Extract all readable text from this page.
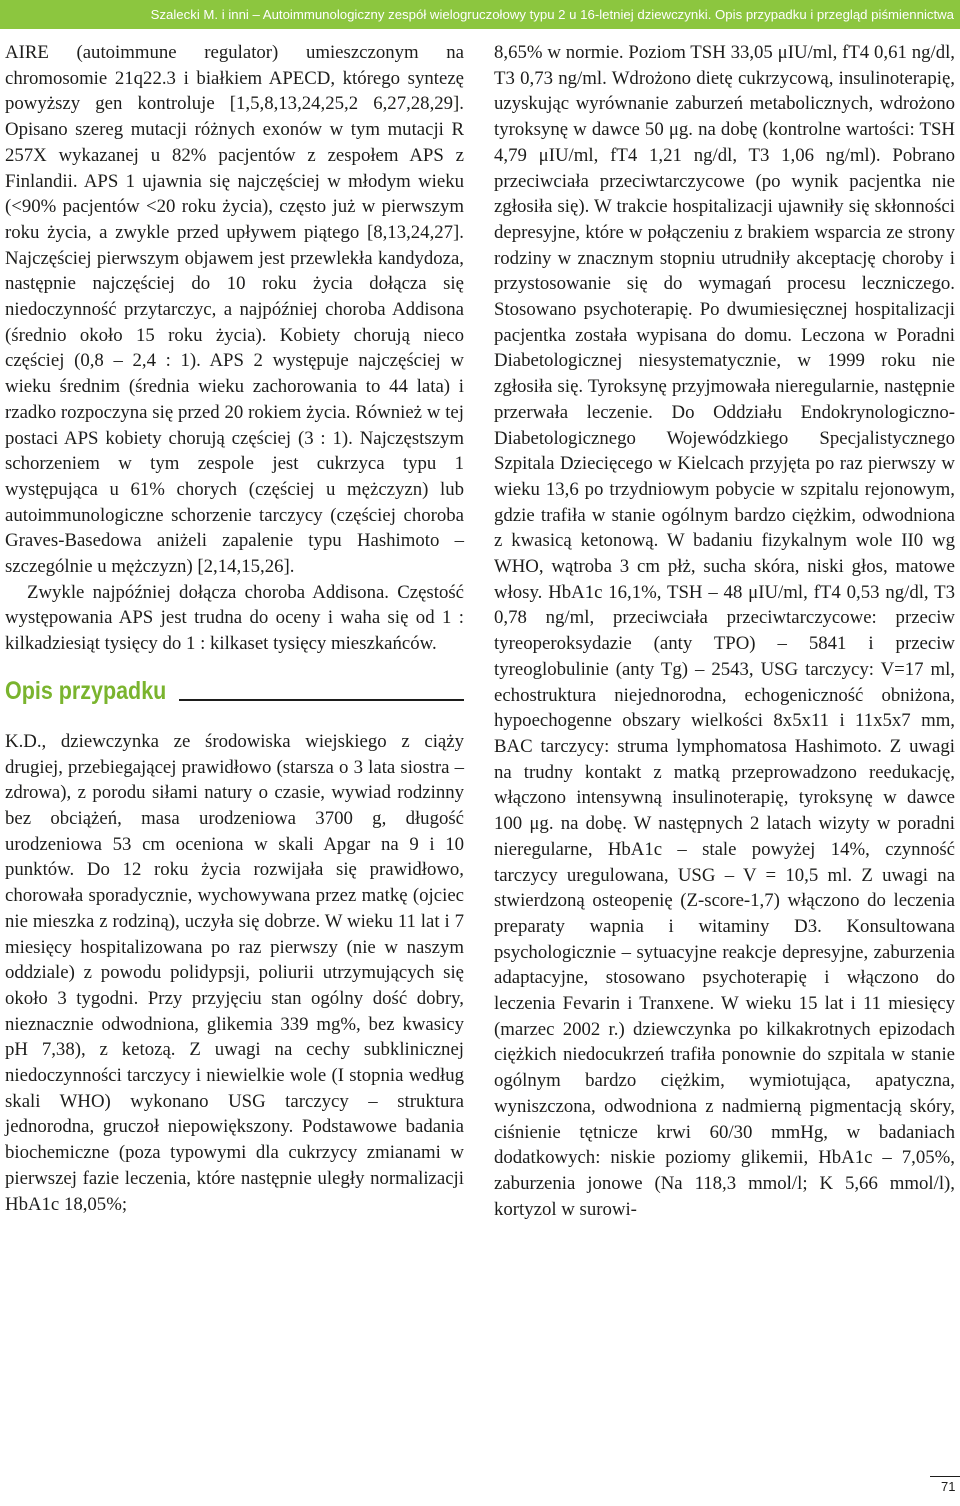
Szalecki M. i inni – Autoimmunologiczny zespół wielogruczołowy typu 2 u 16-letniej dziewczynki. Opis przypadku i przegląd piśmiennictwa

AIRE (autoimmune regulator) umieszczonym na chromosomie 21q22.3 i białkiem APECD, którego syntezę powyższy gen kontroluje [1,5,8,13,24,25,2 6,27,28,29]. Opisano szereg mutacji różnych exonów w tym mutacji R 257X wykazanej u 82% pacjentów z zespołem APS z Finlandii. APS 1 ujawnia się najczęściej w młodym wieku (<90% pacjentów <20 roku życia), często już w pierwszym roku życia, a zwykle przed upływem piątego [8,13,24,27]. Najczęściej pierwszym objawem jest przewlekła kandydoza, następnie najczęściej do 10 roku życia dołącza się niedoczynność przytarczyc, a najpóźniej choroba Addisona (średnio około 15 roku życia). Kobiety chorują nieco częściej (0,8 – 2,4 : 1). APS 2 występuje najczęściej w wieku średnim (średnia wieku zachorowania to 44 lata) i rzadko rozpoczyna się przed 20 rokiem życia. Również w tej postaci APS kobiety chorują częściej (3 : 1). Najczęstszym schorzeniem w tym zespole jest cukrzyca typu 1 występująca u 61% chorych (częściej u mężczyzn) lub autoimmunologiczne schorzenie tarczycy (częściej choroba Graves-Basedowa aniżeli zapalenie typu Hashimoto – szczególnie u mężczyzn) [2,14,15,26].

Zwykle najpóźniej dołącza choroba Addisona. Częstość występowania APS jest trudna do oceny i waha się od 1 : kilkadziesiąt tysięcy do 1 : kilkaset tysięcy mieszkańców.

Opis przypadku

K.D., dziewczynka ze środowiska wiejskiego z ciąży drugiej, przebiegającej prawidłowo (starsza o 3 lata siostra – zdrowa), z porodu siłami natury o czasie, wywiad rodzinny bez obciążeń, masa urodzeniowa 3700 g, długość urodzeniowa 53 cm oceniona w skali Apgar na 9 i 10 punktów. Do 12 roku życia rozwijała się prawidłowo, chorowała sporadycznie, wychowywana przez matkę (ojciec nie mieszka z rodziną), uczyła się dobrze. W wieku 11 lat i 7 miesięcy hospitalizowana po raz pierwszy (nie w naszym oddziale) z powodu polidypsji, poliurii utrzymujących się około 3 tygodni. Przy przyjęciu stan ogólny dość dobry, nieznacznie odwodniona, glikemia 339 mg%, bez kwasicy pH 7,38), z ketozą. Z uwagi na cechy subklinicznej niedoczynności tarczycy i niewielkie wole (I stopnia według skali WHO) wykonano USG tarczycy – struktura jednorodna, gruczoł niepowiększony. Podstawowe badania biochemiczne (poza typowymi dla cukrzycy zmianami w pierwszej fazie leczenia, które następnie uległy normalizacji HbA1c 18,05%;

8,65% w normie. Poziom TSH 33,05 μIU/ml, fT4 0,61 ng/dl, T3 0,73 ng/ml. Wdrożono dietę cukrzycową, insulinoterapię, uzyskując wyrównanie zaburzeń metabolicznych, wdrożono tyroksynę w dawce 50 μg. na dobę (kontrolne wartości: TSH 4,79 μIU/ml, fT4 1,21 ng/dl, T3 1,06 ng/ml). Pobrano przeciwciała przeciwtarczycowe (po wynik pacjentka nie zgłosiła się). W trakcie hospitalizacji ujawniły się skłonności depresyjne, które w połączeniu z brakiem wsparcia ze strony rodziny w znacznym stopniu utrudniły akceptację choroby i przystosowanie się do wymagań procesu leczniczego. Stosowano psychoterapię. Po dwumiesięcznej hospitalizacji pacjentka została wypisana do domu. Leczona w Poradni Diabetologicznej niesystematycznie, w 1999 roku nie zgłosiła się. Tyroksynę przyjmowała nieregularnie, następnie przerwała leczenie. Do Oddziału Endokrynologiczno-Diabetologicznego Wojewódzkiego Specjalistycznego Szpitala Dziecięcego w Kielcach przyjęta po raz pierwszy w wieku 13,6 po trzydniowym pobycie w szpitalu rejonowym, gdzie trafiła w stanie ogólnym bardzo ciężkim, odwodniona z kwasicą ketonową. W badaniu fizykalnym wole II0 wg WHO, wątroba 3 cm płż, sucha skóra, niski głos, matowe włosy. HbA1c 16,1%, TSH – 48 μIU/ml, fT4 0,53 ng/dl, T3 0,78 ng/ml, przeciwciała przeciwtarczycowe: przeciw tyreoperoksydazie (anty TPO) – 5841 i przeciw tyreoglobulinie (anty Tg) – 2543, USG tarczycy: V=17 ml, echostruktura niejednorodna, echogeniczność obniżona, hypoechogenne obszary wielkości 8x5x11 i 11x5x7 mm, BAC tarczycy: struma lymphomatosa Hashimoto. Z uwagi na trudny kontakt z matką przeprowadzono reedukację, włączono intensywną insulinoterapię, tyroksynę w dawce 100 μg. na dobę. W następnych 2 latach wizyty w poradni nieregularne, HbA1c – stale powyżej 14%, czynność tarczycy uregulowana, USG – V = 10,5 ml. Z uwagi na stwierdzoną osteopenię (Z-score-1,7) włączono do leczenia preparaty wapnia i witaminy D3. Konsultowana psychologicznie – sytuacyjne reakcje depresyjne, zaburzenia adaptacyjne, stosowano psychoterapię i włączono do leczenia Fevarin i Tranxene. W wieku 15 lat i 11 miesięcy (marzec 2002 r.) dziewczynka po kilkakrotnych epizodach ciężkich niedocukrzeń trafiła ponownie do szpitala w stanie ogólnym bardzo ciężkim, wymiotująca, apatyczna, wyniszczona, odwodniona z nadmierną pigmentacją skóry, ciśnienie tętnicze krwi 60/30 mmHg, w badaniach dodatkowych: niskie poziomy glikemii, HbA1c – 7,05%, zaburzenia jonowe (Na 118,3 mmol/l; K 5,66 mmol/l), kortyzol w surowi-

71
